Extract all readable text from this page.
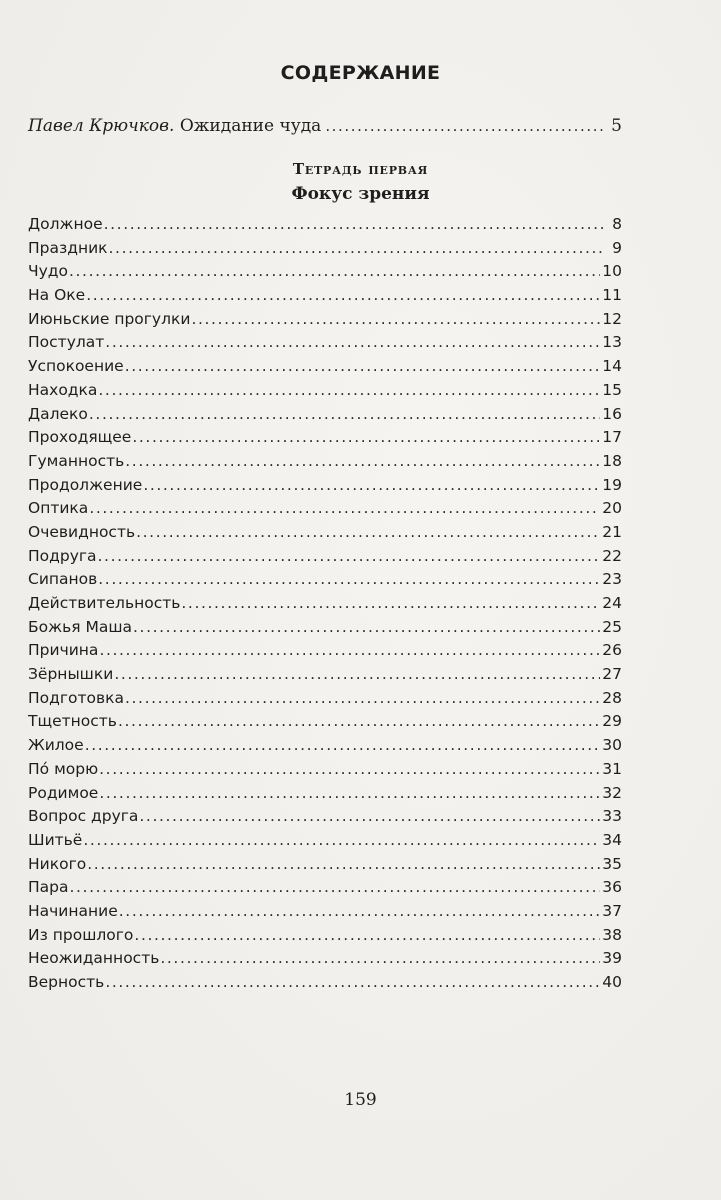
СОДЕРЖАНИЕ
Павел Крючков.
Ожидание чуда .....	5
Тетрадь первая
Фокус зрения
Должное .....	8
Праздник .....	9
Чудо .....	10
На Оке .....	11
Июньские прогулки .....	12
Постулат .....	13
Успокоение .....	14
Находка .....	15
Далеко .....	16
Проходящее .....	17
Гуманность .....	18
Продолжение .....	19
Оптика .....	20
Очевидность .....	21
Подруга .....	22
Сипанов .....	23
Действительность .....	24
Божья Маша .....	25
Причина .....	26
Зёрнышки .....	27
Подготовка .....	28
Тщетность .....	29
Жилое .....	30
По́ морю .....	31
Родимое .....	32
Вопрос друга .....	33
Шитьё .....	34
Никого .....	35
Пара .....	36
Начинание .....	37
Из прошлого .....	38
Неожиданность .....	39
Верность .....	40
159
